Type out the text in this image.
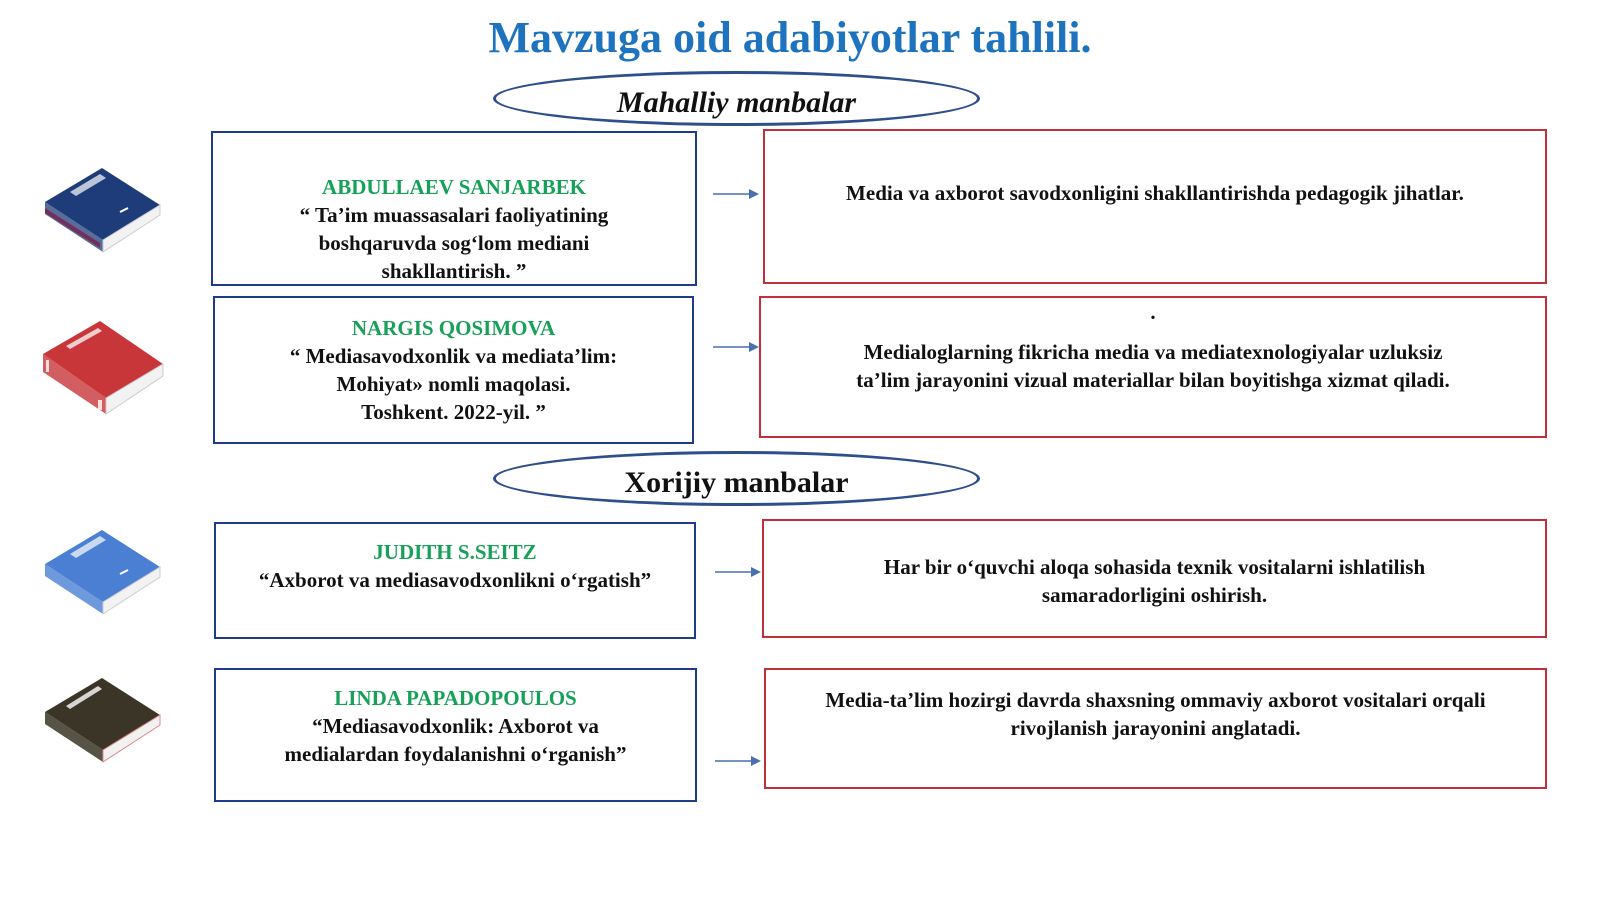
Mavzuga oid adabiyotlar tahlili.
Mahalliy manbalar
Xorijiy manbalar
ABDULLAEV SANJARBEK
“ Ta’im muassasalari faoliyatining
boshqaruvda sog‘lom mediani
shakllantirish. ”
Media va axborot savodxonligini shakllantirishda pedagogik jihatlar.
NARGIS QOSIMOVA
“ Mediasavodxonlik va mediata’lim:
Mohiyat» nomli maqolasi.
Toshkent. 2022-yil. ”
.
Medialoglarning fikricha media va mediatexnologiyalar uzluksiz
ta’lim jarayonini vizual materiallar bilan boyitishga xizmat qiladi.
JUDITH S.SEITZ
“Axborot va mediasavodxonlikni o‘rgatish”
Har bir o‘quvchi aloqa sohasida texnik vositalarni ishlatilish
samaradorligini oshirish.
LINDA PAPADOPOULOS
“Mediasavodxonlik: Axborot va
medialardan foydalanishni o‘rganish”
Media-ta’lim hozirgi davrda shaxsning ommaviy axborot vositalari orqali
rivojlanish jarayonini anglatadi.
